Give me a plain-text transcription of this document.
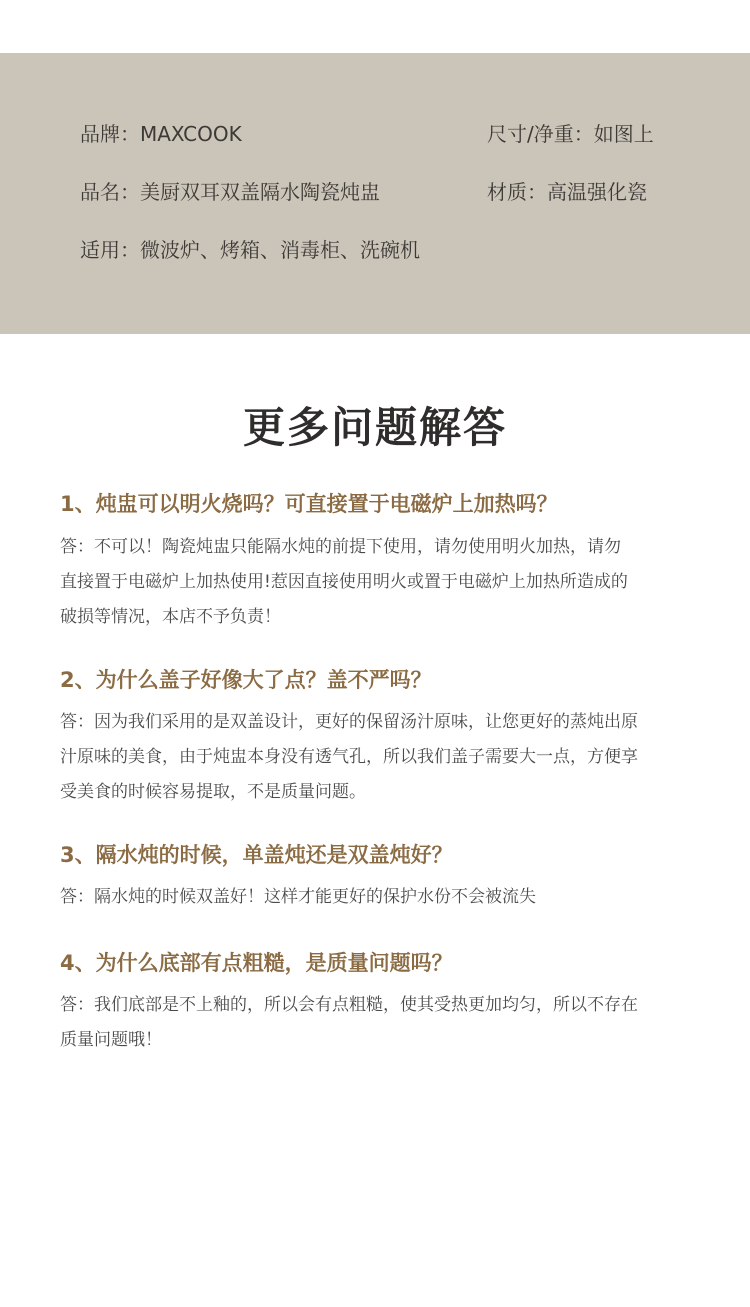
品牌：MAXCOOK	尺寸/净重：如图上
品名：美厨双耳双盖隔水陶瓷炖盅	材质：高温强化瓷
适用：微波炉、烤箱、消毒柜、洗碗机
更多问题解答
1、炖盅可以明火烧吗？可直接置于电磁炉上加热吗？
答：不可以！陶瓷炖盅只能隔水炖的前提下使用，请勿使用明火加热，请勿
直接置于电磁炉上加热使用!惹因直接使用明火或置于电磁炉上加热所造成的
破损等情况，本店不予负责！
2、为什么盖子好像大了点？盖不严吗？
答：因为我们采用的是双盖设计，更好的保留汤汁原味，让您更好的蒸炖出原
汁原味的美食，由于炖盅本身没有透气孔，所以我们盖子需要大一点，方便享
受美食的时候容易提取，不是质量问题。
3、隔水炖的时候，单盖炖还是双盖炖好？
答：隔水炖的时候双盖好！这样才能更好的保护水份不会被流失
4、为什么底部有点粗糙，是质量问题吗？
答：我们底部是不上釉的，所以会有点粗糙，使其受热更加均匀，所以不存在
质量问题哦！
